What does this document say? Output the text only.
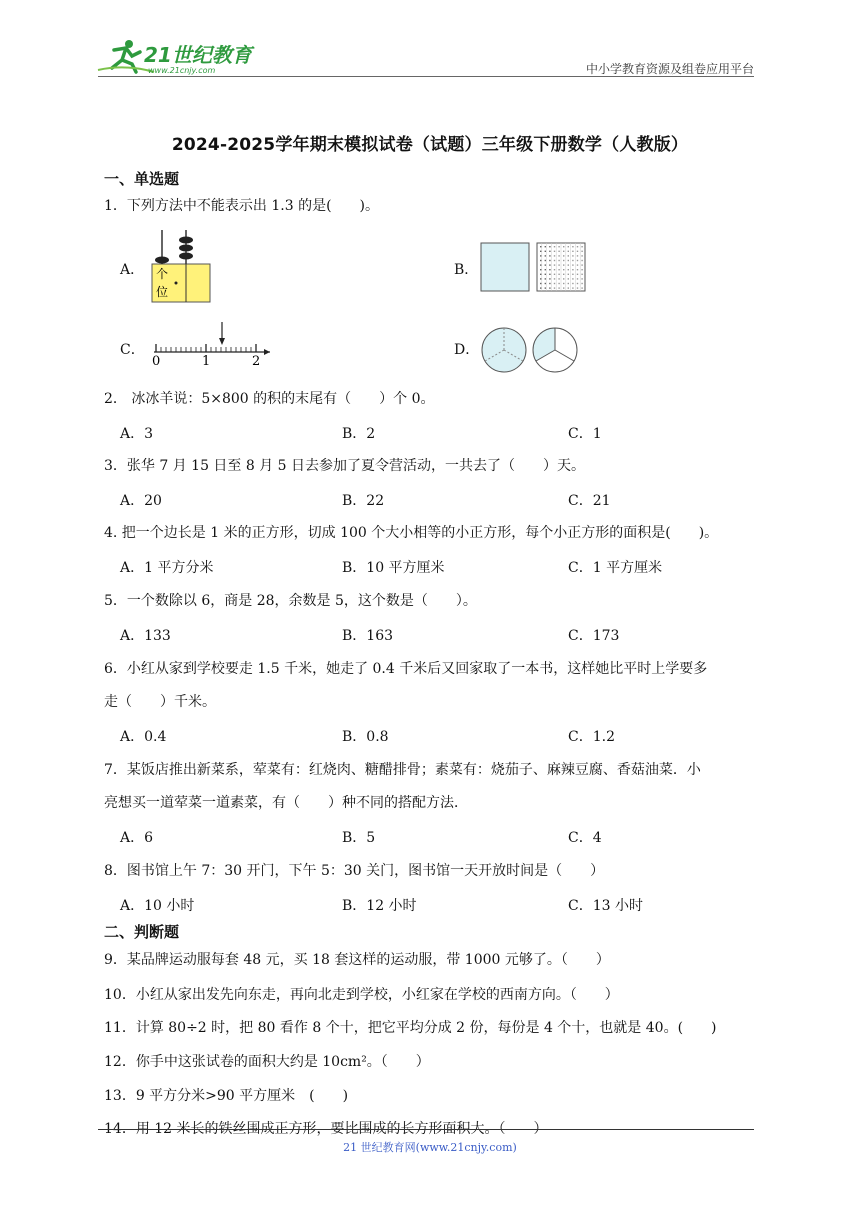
21世纪教育
www.21cnjy.com	中小学教育资源及组卷应用平台
2024-2025学年期末模拟试卷（试题）三年级下册数学（人教版）
一、单选题
1．下列方法中不能表示出 1.3 的是(　　)。
A． 个
位
B．
C．
0	1	2
D．
2． 冰冰羊说：5×800 的积的末尾有（　　）个 0。
A．3	B．2	C．1
3．张华 7 月 15 日至 8 月 5 日去参加了夏令营活动，一共去了（　　）天。
A．20	B．22	C．21
4. 把一个边长是 1 米的正方形，切成 100 个大小相等的小正方形，每个小正方形的面积是(　　)。
A．1 平方分米	B．10 平方厘米	C．1 平方厘米
5．一个数除以 6，商是 28，余数是 5，这个数是（　　）。
A．133	B．163	C．173
6．小红从家到学校要走 1.5 千米，她走了 0.4 千米后又回家取了一本书，这样她比平时上学要多
走（　　）千米。
A．0.4	B．0.8	C．1.2
7．某饭店推出新菜系，荤菜有：红烧肉、糖醋排骨；素菜有：烧茄子、麻辣豆腐、香菇油菜．小
亮想买一道荤菜一道素菜，有（　　）种不同的搭配方法．
A．6	B．5	C．4
8．图书馆上午 7：30 开门，下午 5：30 关门，图书馆一天开放时间是（　　）
A．10 小时	B．12 小时	C．13 小时
二、判断题
9．某品牌运动服每套 48 元，买 18 套这样的运动服，带 1000 元够了。（　　）
10．小红从家出发先向东走，再向北走到学校，小红家在学校的西南方向。（　　）
11．计算 80÷2 时，把 80 看作 8 个十，把它平均分成 2 份，每份是 4 个十，也就是 40。(　　)
12．你手中这张试卷的面积大约是 10cm²。（　　）
13．9 平方分米>90 平方厘米　(　　)
14．用 12 米长的铁丝围成正方形，要比围成的长方形面积大。（　　）
21 世纪教育网(www.21cnjy.com)
